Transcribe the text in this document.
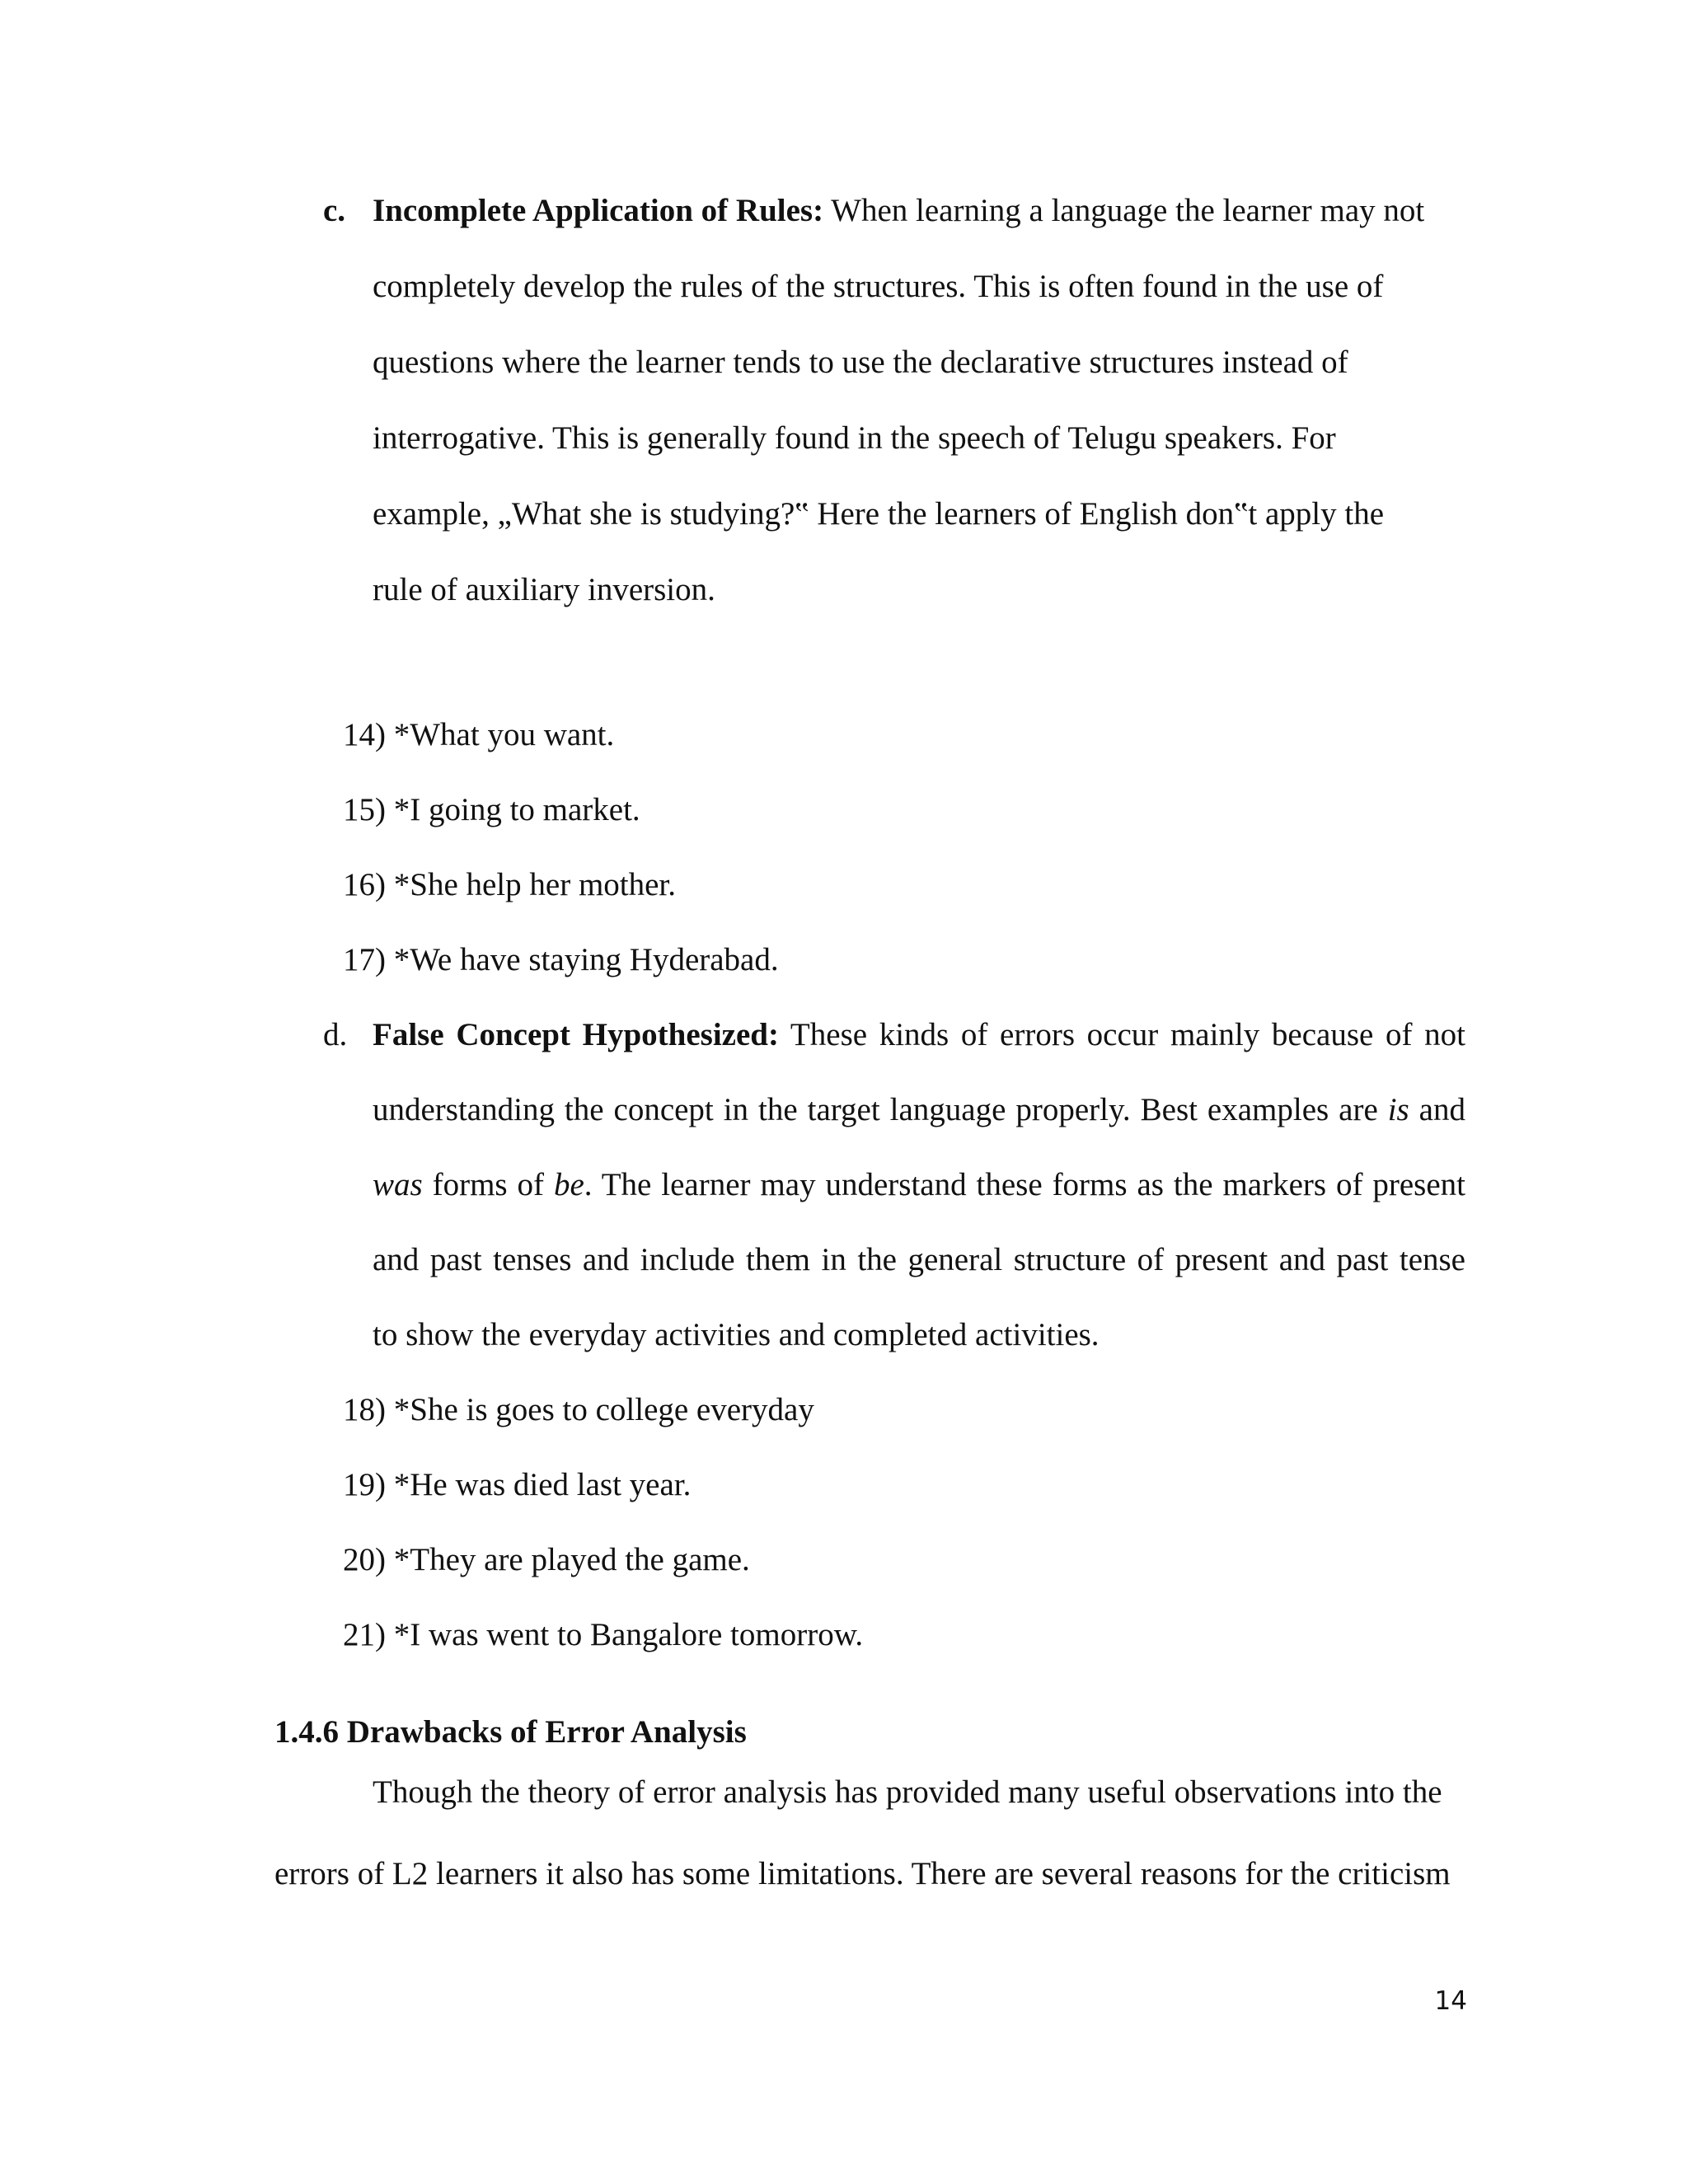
c. Incomplete Application of Rules: When learning a language the learner may not
completely develop the rules of the structures. This is often found in the use of
questions where the learner tends to use the declarative structures instead of
interrogative. This is generally found in the speech of Telugu speakers. For
example, „What she is studying?‟ Here the learners of English don‟t apply the
rule of auxiliary inversion.
14) *What you want.
15) *I going to market.
16) *She help her mother.
17) *We have staying Hyderabad.
d. False Concept Hypothesized: These kinds of errors occur mainly because of not
understanding the concept in the target language properly. Best examples are is and
was forms of be. The learner may understand these forms as the markers of present
and past tenses and include them in the general structure of present and past tense
to show the everyday activities and completed activities.
18) *She is goes to college everyday
19) *He was died last year.
20) *They are played the game.
21) *I was went to Bangalore tomorrow.
1.4.6 Drawbacks of Error Analysis
Though the theory of error analysis has provided many useful observations into the
errors of L2 learners it also has some limitations. There are several reasons for the criticism
14
